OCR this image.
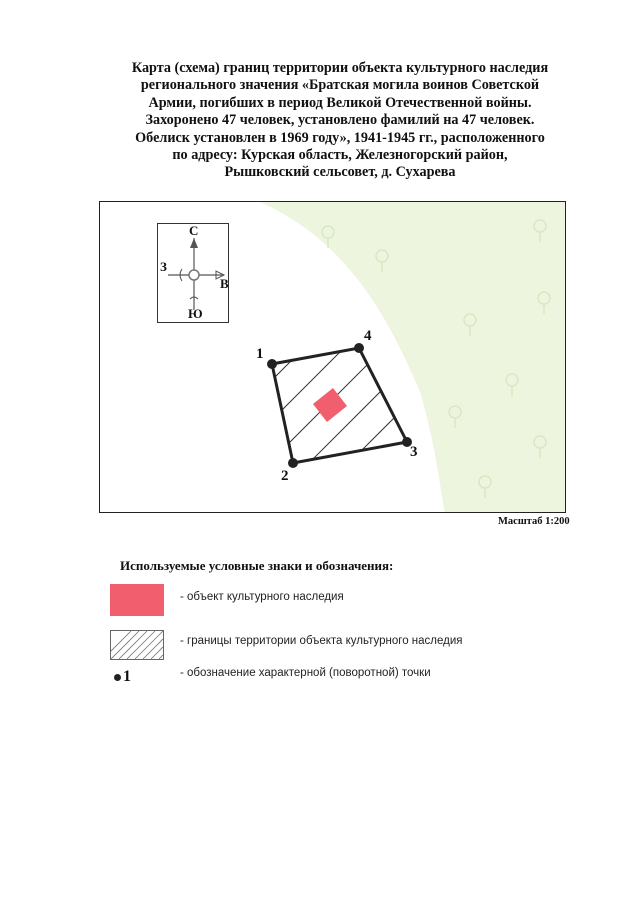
Карта (схема) границ территории объекта культурного наследия
регионального значения «Братская могила воинов Советской
Армии, погибших в период Великой Отечественной войны.
Захоронено 47 человек, установлено фамилий на 47 человек.
Обелиск установлен в 1969 году», 1941-1945 гг., расположенного
по адресу: Курская область, Железногорский район,
Рышковский сельсовет, д. Сухарева
1
2
3
4
С
З
В
Ю
Масштаб 1:200
Используемые условные знаки и обозначения:
- объект культурного наследия
- границы территории объекта культурного наследия
1	- обозначение характерной (поворотной) точки
